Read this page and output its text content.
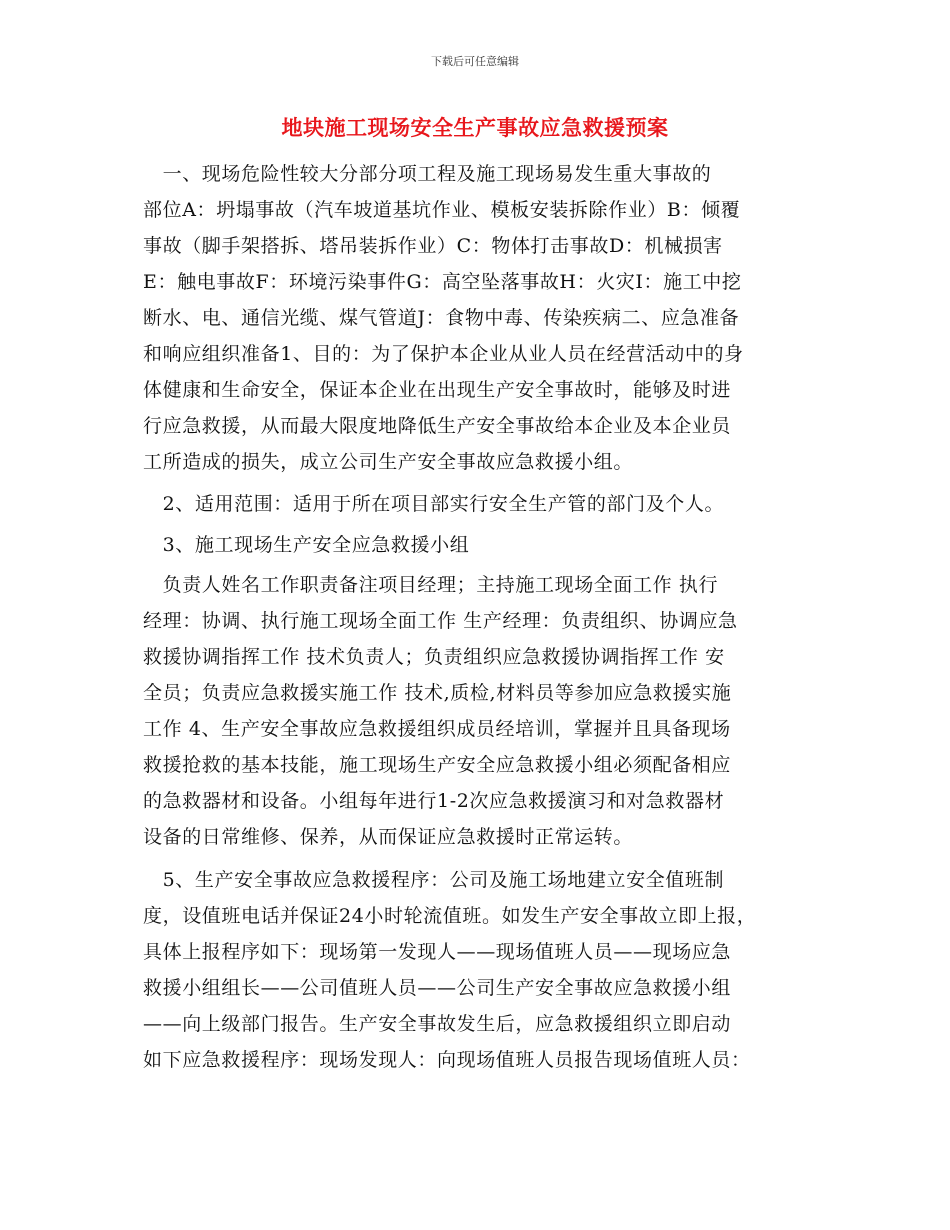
下载后可任意编辑
地块施工现场安全生产事故应急救援预案
　一、现场危险性较大分部分项工程及施工现场易发生重大事故的
部位A：坍塌事故（汽车坡道基坑作业、模板安装拆除作业）B：倾覆
事故（脚手架搭拆、塔吊装拆作业）C：物体打击事故D：机械损害
E：触电事故F：环境污染事件G：高空坠落事故H：火灾I：施工中挖
断水、电、通信光缆、煤气管道J：食物中毒、传染疾病二、应急准备
和响应组织准备1、目的：为了保护本企业从业人员在经营活动中的身
体健康和生命安全，保证本企业在出现生产安全事故时，能够及时进
行应急救援，从而最大限度地降低生产安全事故给本企业及本企业员
工所造成的损失，成立公司生产安全事故应急救援小组。
　2、适用范围：适用于所在项目部实行安全生产管的部门及个人。
　3、施工现场生产安全应急救援小组
　负责人姓名工作职责备注项目经理；主持施工现场全面工作 执行
经理：协调、执行施工现场全面工作 生产经理：负责组织、协调应急
救援协调指挥工作 技术负责人；负责组织应急救援协调指挥工作 安
全员；负责应急救援实施工作 技术,质检,材料员等参加应急救援实施
工作 4、生产安全事故应急救援组织成员经培训，掌握并且具备现场
救援抢救的基本技能，施工现场生产安全应急救援小组必须配备相应
的急救器材和设备。小组每年进行1-2次应急救援演习和对急救器材
设备的日常维修、保养，从而保证应急救援时正常运转。
　5、生产安全事故应急救援程序：公司及施工场地建立安全值班制
度，设值班电话并保证24小时轮流值班。如发生产安全事故立即上报，
具体上报程序如下：现场第一发现人——现场值班人员——现场应急
救援小组组长——公司值班人员——公司生产安全事故应急救援小组
——向上级部门报告。生产安全事故发生后，应急救援组织立即启动
如下应急救援程序：现场发现人：向现场值班人员报告现场值班人员：
